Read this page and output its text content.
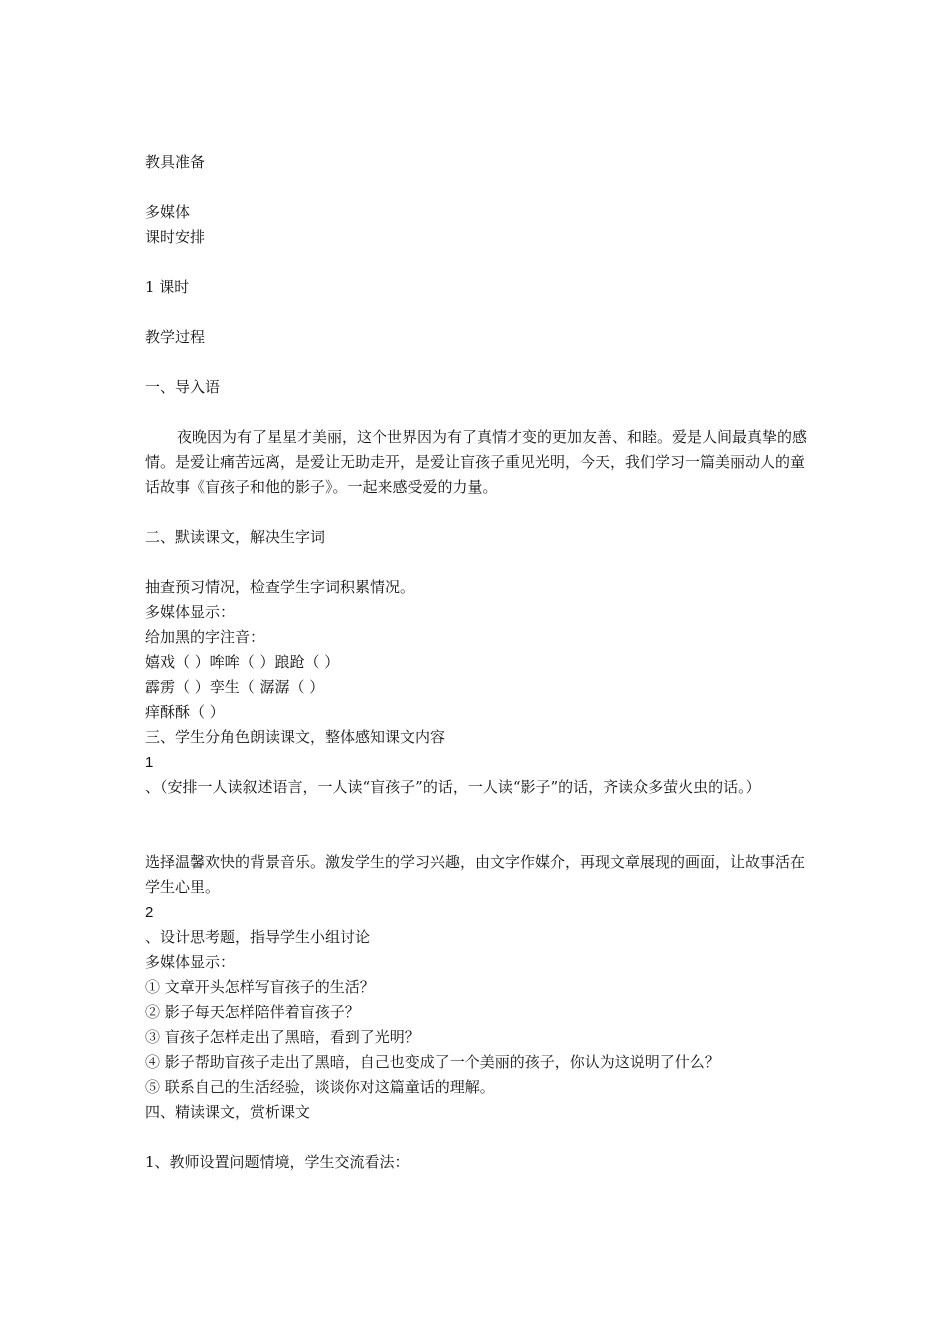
教具准备
多媒体
课时安排
1 课时
教学过程
一、导入语
夜晚因为有了星星才美丽，这个世界因为有了真情才变的更加友善、和睦。爱是人间最真挚的感情。是爱让痛苦远离，是爱让无助走开，是爱让盲孩子重见光明，今天，我们学习一篇美丽动人的童话故事《盲孩子和他的影子》。一起来感受爱的力量。
二、默读课文，解决生字词
抽查预习情况，检查学生字词积累情况。
多媒体显示：
给加黑的字注音：
嬉戏（ ）哞哞（ ）踉跄（ ）
霹雳（ ）孪生（ 潺潺（ ）
痒酥酥（ ）
三、学生分角色朗读课文，整体感知课文内容
1
、（安排一人读叙述语言，一人读“盲孩子”的话，一人读“影子”的话，齐读众多萤火虫的话。）
选择温馨欢快的背景音乐。激发学生的学习兴趣，由文字作媒介，再现文章展现的画面，让故事活在学生心里。
2
、设计思考题，指导学生小组讨论
多媒体显示：
① 文章开头怎样写盲孩子的生活？
② 影子每天怎样陪伴着盲孩子？
③ 盲孩子怎样走出了黑暗，看到了光明？
④ 影子帮助盲孩子走出了黑暗，自己也变成了一个美丽的孩子，你认为这说明了什么？
⑤ 联系自己的生活经验，谈谈你对这篇童话的理解。
四、精读课文，赏析课文
1、教师设置问题情境，学生交流看法：
